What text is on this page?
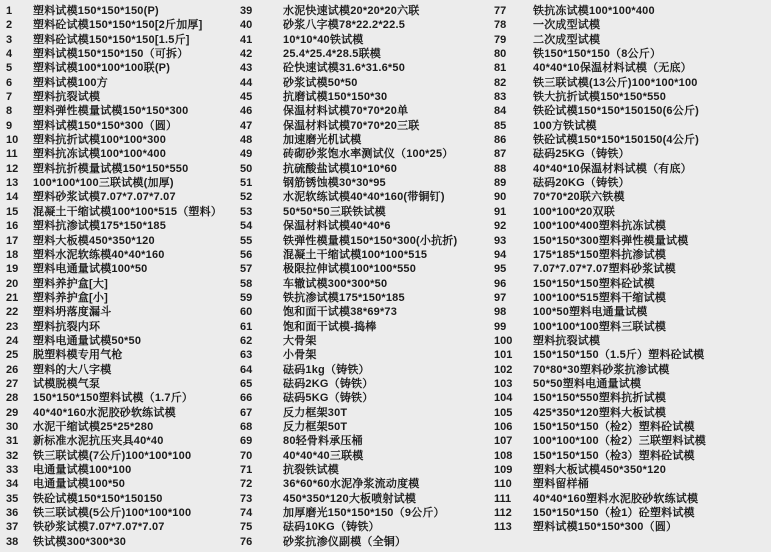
1	塑料试模150*150*150(P)
2	塑料砼试模150*150*150[2斤加厚]
3	塑料砼试模150*150*150[1.5斤]
4	塑料试模150*150*150（可拆）
5	塑料试模100*100*100联(P)
6	塑料试模100方
7	塑料抗裂试模
8	塑料弹性模量试模150*150*300
9	塑料试模150*150*300（圆）
10	塑料抗折试模100*100*300
11	塑料抗冻试模100*100*400
12	塑料抗折模量试模150*150*550
13	100*100*100三联试模(加厚)
14	塑料砂浆试模7.07*7.07*7.07
15	混凝土干缩试模100*100*515（塑料）
16	塑料抗渗试模175*150*185
17	塑料大板模450*350*120
18	塑料水泥软练模40*40*160
19	塑料电通量试模100*50
20	塑料养护盒[大]
21	塑料养护盒[小]
22	塑料坍落度漏斗
23	塑料抗裂内环
24	塑料电通量试模50*50
25	脱塑料模专用气枪
26	塑料的大八字模
27	试模脱模气泵
28	150*150*150塑料试模（1.7斤）
29	40*40*160水泥胶砂软练试模
30	水泥干缩试模25*25*280
31	新标准水泥抗压夹具40*40
32	铁三联试模(7公斤)100*100*100
33	电通量试模100*100
34	电通量试模100*50
35	铁砼试模150*150*150150
36	铁三联试模(5公斤)100*100*100
37	铁砂浆试模7.07*7.07*7.07
38	铁试模300*300*30
39	水泥快速试模20*20*20六联
40	砂浆八字模78*22.2*22.5
41	10*10*40铁试模
42	25.4*25.4*28.5联模
43	砼快速试模31.6*31.6*50
44	砂浆试模50*50
45	抗磨试模150*150*30
46	保温材料试模70*70*20单
47	保温材料试模70*70*20三联
48	加速磨光机试模
49	砖砌砂浆饱水率测试仪（100*25）
50	抗硫酸盐试模10*10*60
51	钢筋锈蚀模30*30*95
52	水泥软练试模40*40*160(带铜钉)
53	50*50*50三联铁试模
54	保温材料试模40*40*6
55	铁弹性模量模150*150*300(小抗折)
56	混凝土干缩试模100*100*515
57	极限拉伸试模100*100*550
58	车辙试模300*300*50
59	铁抗渗试模175*150*185
60	饱和面干试模38*69*73
61	饱和面干试模-捣棒
62	大骨架
63	小骨架
64	砝码1kg（铸铁）
65	砝码2KG（铸铁）
66	砝码5KG（铸铁）
67	反力框架30T
68	反力框架50T
69	80轻骨料承压桶
70	40*40*40三联模
71	抗裂铁试模
72	36*60*60水泥净浆流动度模
73	450*350*120大板喷射试模
74	加厚磨光150*150*150（9公斤）
75	砝码10KG（铸铁）
76	砂浆抗渗仪副模（全铜）
77	铁抗冻试模100*100*400
78	一次成型试模
79	二次成型试模
80	铁150*150*150（8公斤）
81	40*40*10保温材料试模（无底）
82	铁三联试模(13公斤)100*100*100
83	铁大抗折试模150*150*550
84	铁砼试模150*150*150150(6公斤)
85	100方铁试模
86	铁砼试模150*150*150150(4公斤)
87	砝码25KG（铸铁）
88	40*40*10保温材料试模（有底）
89	砝码20KG（铸铁）
90	70*70*20联六铁模
91	100*100*20双联
92	100*100*400塑料抗冻试模
93	150*150*300塑料弹性模量试模
94	175*185*150塑料抗渗试模
95	7.07*7.07*7.07塑料砂浆试模
96	150*150*150塑料砼试模
97	100*100*515塑料干缩试模
98	100*50塑料电通量试模
99	100*100*100塑料三联试模
100	塑料抗裂试模
101	150*150*150（1.5斤）塑料砼试模
102	70*80*30塑料砂浆抗渗试模
103	50*50塑料电通量试模
104	150*150*550塑料抗折试模
105	425*350*120塑料大板试模
106	150*150*150（检2）塑料砼试模
107	100*100*100（检2）三联塑料试模
108	150*150*150（检3）塑料砼试模
109	塑料大板试模450*350*120
110	塑料留样桶
111	40*40*160塑料水泥胶砂软练试模
112	150*150*150（检1）砼塑料试模
113	塑料试模150*150*300（圆）
